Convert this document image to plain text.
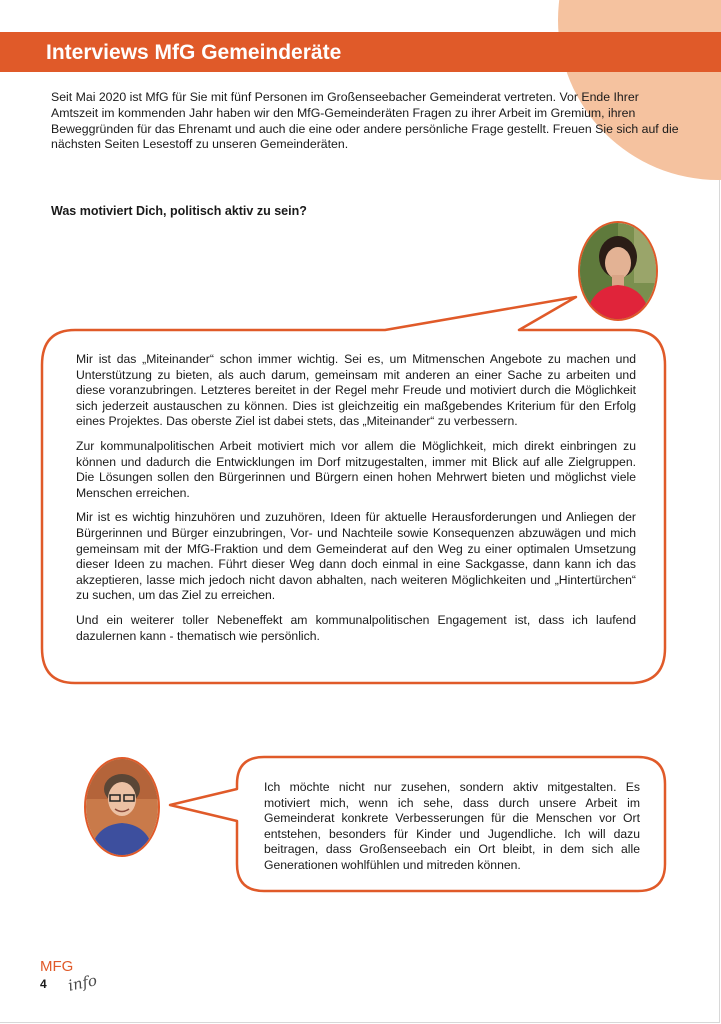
Interviews MfG Gemeinderäte

Seit Mai 2020 ist MfG für Sie mit fünf Personen im Großenseebacher Gemeinderat vertreten. Vor Ende Ihrer Amtszeit im kommenden Jahr haben wir den MfG-Gemeinderäten Fragen zu ihrer Arbeit im Gremium, ihren Beweggründen für das Ehrenamt und auch die eine oder andere persönliche Frage gestellt. Freuen Sie sich auf die nächsten Seiten Lesestoff zu unseren Gemeinderäten.

Was motiviert Dich, politisch aktiv zu sein?

Mir ist das „Miteinander“ schon immer wichtig. Sei es, um Mitmenschen Angebote zu machen und Unterstützung zu bieten, als auch darum, gemeinsam mit anderen an einer Sache zu arbeiten und diese voranzubringen. Letzteres bereitet in der Regel mehr Freude und motiviert durch die Möglichkeit sich jederzeit austauschen zu können. Dies ist gleichzeitig ein maßgebendes Kriterium für den Erfolg eines Projektes. Das oberste Ziel ist dabei stets, das „Miteinander“ zu verbessern.

Zur kommunalpolitischen Arbeit motiviert mich vor allem die Möglichkeit, mich direkt einbringen zu können und dadurch die Entwicklungen im Dorf mitzugestalten, immer mit Blick auf alle Zielgruppen. Die Lösungen sollen den Bürgerinnen und Bürgern einen hohen Mehrwert bieten und möglichst viele Menschen erreichen.

Mir ist es wichtig hinzuhören und zuzuhören, Ideen für aktuelle Herausforderungen und Anliegen der Bürgerinnen und Bürger einzubringen, Vor- und Nachteile sowie Konsequenzen abzuwägen und mich gemeinsam mit der MfG-Fraktion und dem Gemeinderat auf den Weg zu einer optimalen Umsetzung dieser Ideen zu machen. Führt dieser Weg dann doch einmal in eine Sackgasse, dann kann ich das akzeptieren, lasse mich jedoch nicht davon abhalten, nach weiteren Möglichkeiten und „Hintertürchen“ zu suchen, um das Ziel zu erreichen.

Und ein weiterer toller Nebeneffekt am kommunalpolitischen Engagement ist, dass ich laufend dazulernen kann - thematisch wie persönlich.

Ich möchte nicht nur zusehen, sondern aktiv mitgestalten. Es motiviert mich, wenn ich sehe, dass durch unsere Arbeit im Gemeinderat konkrete Verbesserungen für die Menschen vor Ort entstehen, besonders für Kinder und Jugendliche. Ich will dazu beitragen, dass Großenseebach ein Ort bleibt, in dem sich alle Generationen wohlfühlen und mitreden können.

MFG

4 info
